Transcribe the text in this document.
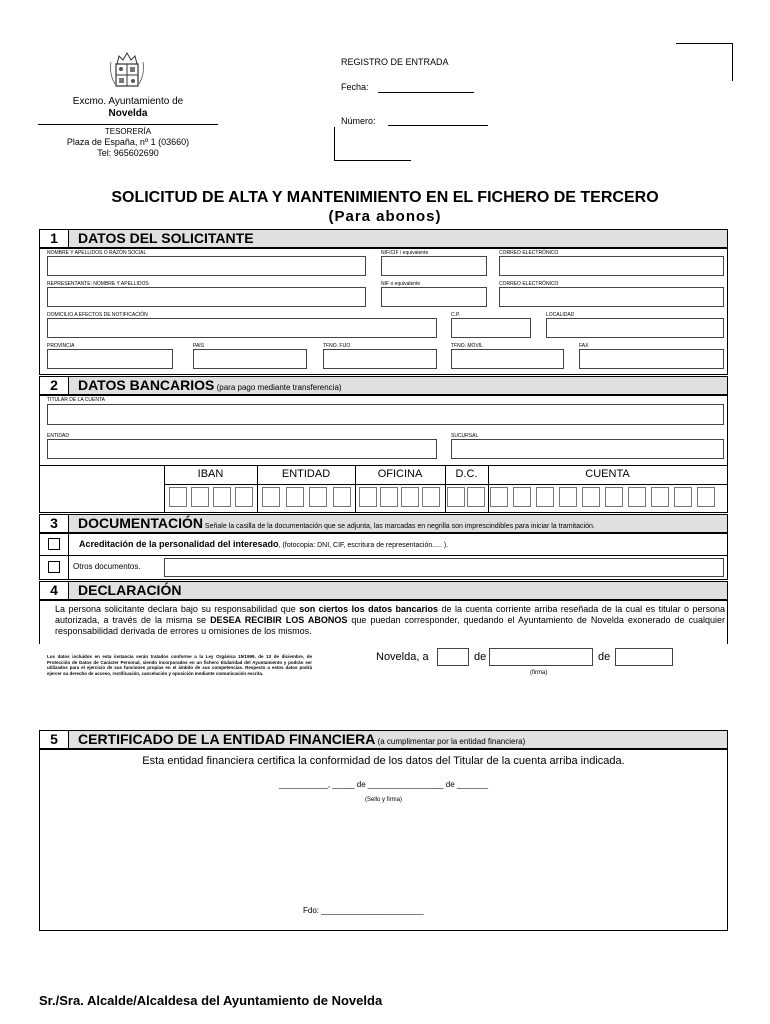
Excmo. Ayuntamiento de
Novelda
TESORERÍA
Plaza de España, nº 1 (03660)
Tel: 965602690
REGISTRO DE ENTRADA
Fecha:
Número:
SOLICITUD DE ALTA Y MANTENIMIENTO EN EL FICHERO DE TERCERO
(Para abonos)
1	DATOS DEL SOLICITANTE
NOMBRE Y APELLIDOS O RAZÓN SOCIAL	NIF/CIF / equivalente	CORREO ELECTRÓNICO
REPRESENTANTE: NOMBRE Y APELLIDOS	NIF o equivalente	CORREO ELECTRÓNICO
DOMICILIO A EFECTOS DE NOTIFICACIÓN	C.P.	LOCALIDAD
PROVINCIA	PAÍS	TFNO. FIJO	TFNO. MÓVIL	FAX
2	DATOS BANCARIOS (para pago mediante transferencia)
TITULAR DE LA CUENTA
ENTIDAD	SUCURSAL
IBAN	ENTIDAD	OFICINA	D.C.	CUENTA
3	DOCUMENTACIÓN Señale la casilla de la documentación que se adjunta, las marcadas en negrilla son imprescindibles para iniciar la tramitación.
Acreditación de la personalidad del interesado, (fotocopia: DNI, CIF, escritura de representación..... ).
Otros documentos.
4	DECLARACIÓN
La persona solicitante declara bajo su responsabilidad que son ciertos los datos bancarios de la cuenta corriente arriba reseñada de la cual es titular o persona autorizada, a través de la misma se DESEA RECIBIR LOS ABONOS que puedan corresponder, quedando el Ayuntamiento de Novelda exonerado de cualquier responsabilidad derivada de errores u omisiones de los mismos.
Los datos incluidos en esta instancia serán tratados conforme a la Ley Orgánica 15/1999, de 13 de diciembre, de Protección de Datos de Carácter Personal, siendo incorporados en un fichero titularidad del Ayuntamiento y podrán ser utilizados para el ejercicio de sus funciones propias en el ámbito de sus competencias. Respecto a estos datos podrá ejercer su derecho de acceso, rectificación, cancelación y oposición mediante comunicación escrita.
Novelda, a	de	de
(firma)
5	CERTIFICADO DE LA ENTIDAD FINANCIERA (a cumplimentar por la entidad financiera)
Esta entidad financiera certifica la conformidad de los datos del Titular de la cuenta arriba indicada.
___________, _____ de _________________ de _______
(Sello y firma)
Fdo: _______________________
Sr./Sra. Alcalde/Alcaldesa del Ayuntamiento de Novelda
